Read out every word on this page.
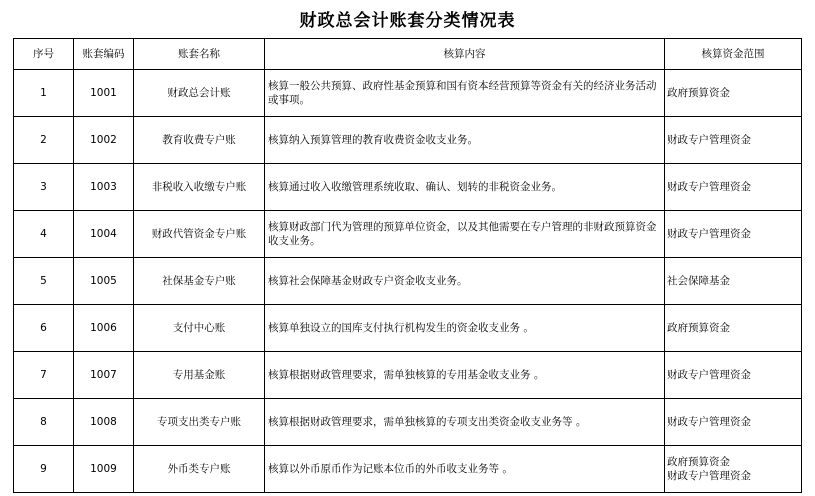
财政总会计账套分类情况表
序号	账套编码	账套名称	核算内容	核算资金范围
1	1001	财政总会计账	核算一般公共预算、政府性基金预算和国有资本经营预算等资金有关的经济业务活动或事项。	政府预算资金

2	1002	教育收费专户账	核算纳入预算管理的教育收费资金收支业务。	财政专户管理资金

3	1003	非税收入收缴专户账	核算通过收入收缴管理系统收取、确认、划转的非税资金业务。	财政专户管理资金

4	1004	财政代管资金专户账	核算财政部门代为管理的预算单位资金，以及其他需要在专户管理的非财政预算资金收支业务。	财政专户管理资金

5	1005	社保基金专户账	核算社会保障基金财政专户资金收支业务。	社会保障基金

6	1006	支付中心账	核算单独设立的国库支付执行机构发生的资金收支业务 。	政府预算资金

7	1007	专用基金账	核算根据财政管理要求，需单独核算的专用基金收支业务 。	财政专户管理资金

8	1008	专项支出类专户账	核算根据财政管理要求，需单独核算的专项支出类资金收支业务等 。	财政专户管理资金

9	1009	外币类专户账	核算以外币原币作为记账本位币的外币收支业务等 。	政府预算资金
财政专户管理资金
